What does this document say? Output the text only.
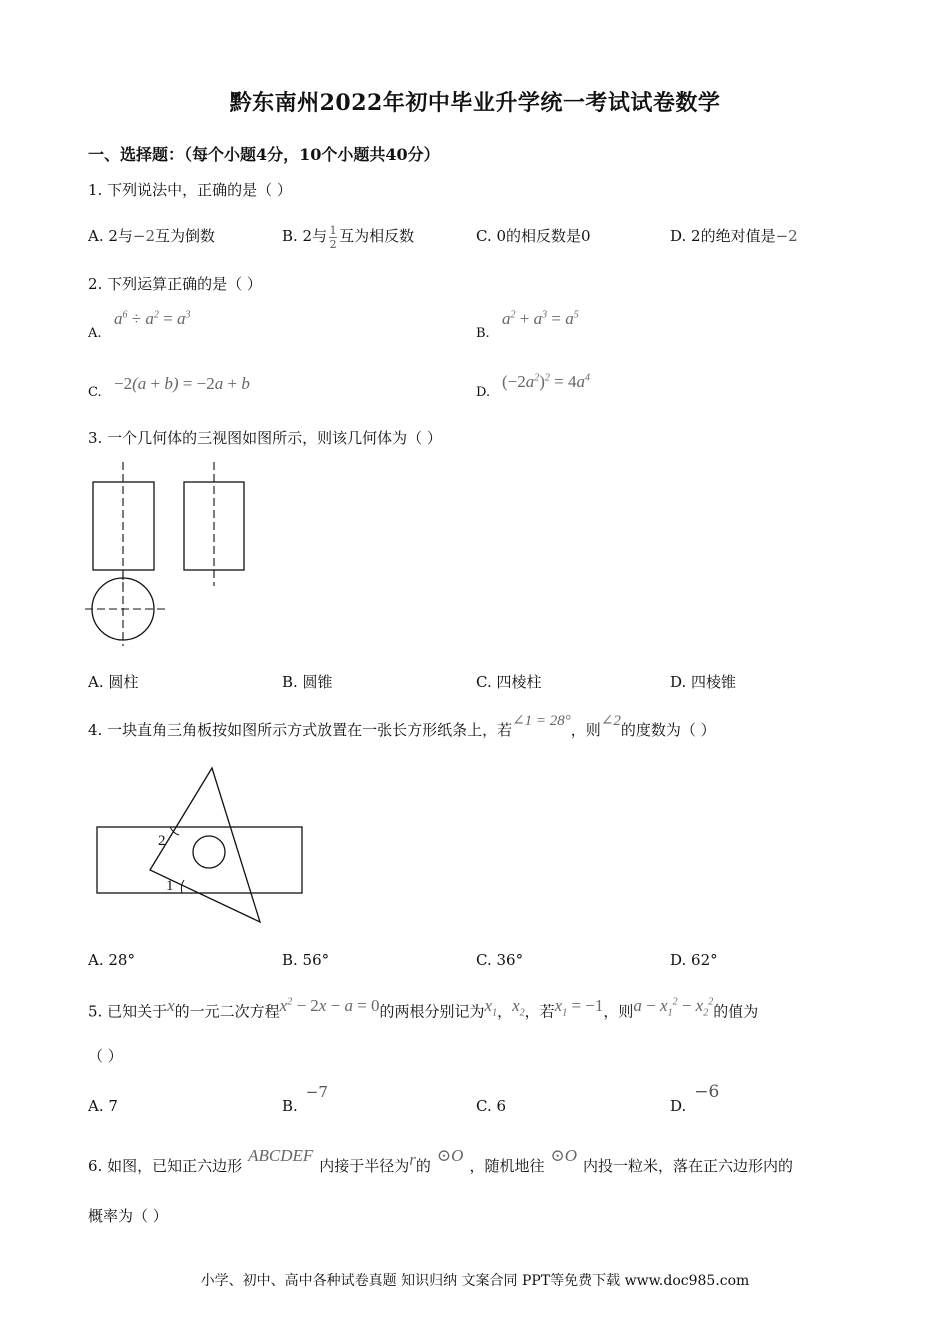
黔东南州2022年初中毕业升学统一考试试卷数学
一、选择题：（每个小题4分，10个小题共40分）
1. 下列说法中，正确的是（ ）
A. 2与−2互为倒数	B. 2与 $\frac{1}{2}$ 互为相反数	C. 0的相反数是0	D. 2的绝对值是−2
2. 下列运算正确的是（ ）
A.
$a^6 \div a^2 = a^3$
B.
$a^2 + a^3 = a^5$
C. −2(a + b) = −2a + b	D.
$(-2a^2)^2 = 4a^4$
3. 一个几何体的三视图如图所示，则该几何体为（ ）
A. 圆柱	B. 圆锥	C. 四棱柱	D. 四棱锥
4. 一块直角三角板按如图所示方式放置在一张长方形纸条上，若∠1 = 28°，则∠2的度数为（ ）
2
1
A. 28°	B. 56°	C. 36°	D. 62°
5. 已知关于x的一元二次方程$x^2 - 2x - a = 0$的两根分别记为$x_1$，$x_2$，若$x_1 = -1$，则$a - x_1^2 - x_2^2$的值为
（ ）
A. 7	B.−7
C. 6	D.−6
6. 如图，已知正六边形ABCDEF内接于半径为r的⊙O，随机地往⊙O内投一粒米，落在正六边形内的
概率为（ ）
小学、初中、高中各种试卷真题 知识归纳 文案合同 PPT等免费下载 www.doc985.com
